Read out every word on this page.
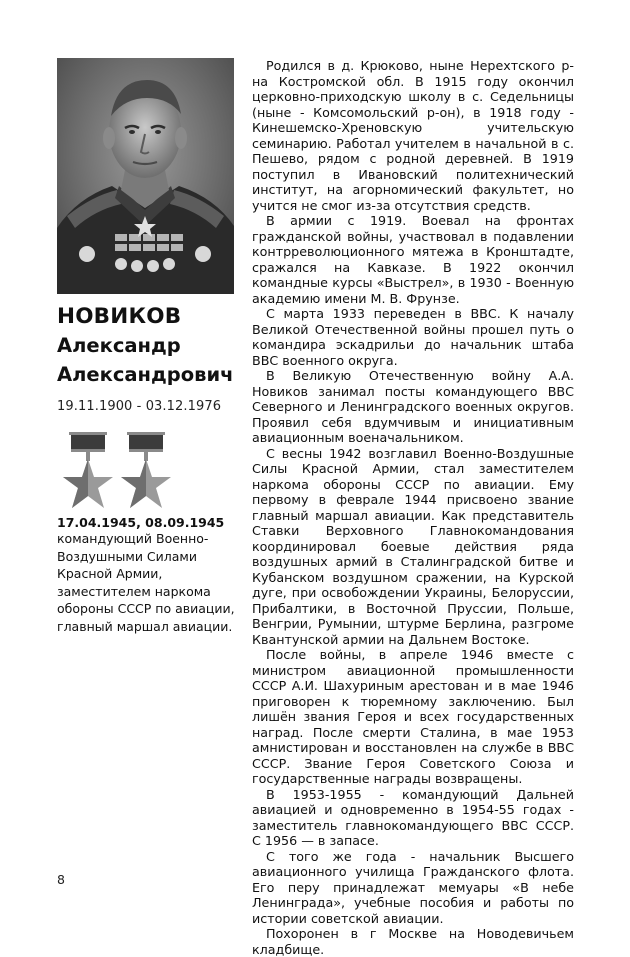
НОВИКОВ
Александр
Александрович
19.11.1900 - 03.12.1976
17.04.1945, 08.09.1945
командующий Военно-Воздушными Силами Красной Армии, заместителем наркома обороны СССР по авиации, главный маршал авиации.

Родился в д. Крюково, ныне Нерехтского р-на Костромской обл. В 1915 году окончил церковно-приходскую школу в с. Седельницы (ныне - Комсомольский р-он), в 1918 году - Кинешемско-Хреновскую учительскую семинарию. Работал учителем в начальной в с. Пешево, рядом с родной деревней. В 1919 поступил в Ивановский политехнический институт, на агорномический факультет, но учится не смог из-за отсутствия средств.

В армии с 1919. Воевал на фронтах гражданской войны, участвовал в подавлении контрреволюционного мятежа в Кронштадте, сражался на Кавказе. В 1922 окончил командные курсы «Выстрел», в 1930 - Военную академию имени М. В. Фрунзе.

С марта 1933 переведен в ВВС. К началу Великой Отечественной войны прошел путь о командира эскадрильи до начальник штаба ВВС военного округа.

В Великую Отечественную войну А.А. Новиков занимал посты командующего ВВС Северного и Ленинградского военных округов. Проявил себя вдумчивым и инициативным авиационным военачальником.

С весны 1942 возглавил Военно-Воздушные Силы Красной Армии, стал заместителем наркома обороны СССР по авиации. Ему первому в феврале 1944 присвоено звание главный маршал авиации. Как представитель Ставки Верховного Главнокомандования координировал боевые действия ряда воздушных армий в Сталинградской битве и Кубанском воздушном сражении, на Курской дуге, при освобождении Украины, Белоруссии, Прибалтики, в Восточной Пруссии, Польше, Венгрии, Румынии, штурме Берлина, разгроме Квантунской армии на Дальнем Востоке.

После войны, в апреле 1946 вместе с министром авиационной промышленности СССР А.И. Шахуриным арестован и в мае 1946 приговорен к тюремному заключению. Был лишён звания Героя и всех государственных наград. После смерти Сталина, в мае 1953 амнистирован и восстановлен на службе в ВВС СССР. Звание Героя Советского Союза и государственные награды возвращены.

В 1953-1955 - командующий Дальней авиацией и одновременно в 1954-55 годах - заместитель главнокомандующего ВВС СССР. С 1956 — в запасе.

С того же года - начальник Высшего авиационного училища Гражданского флота. Его перу принадлежат мемуары «В небе Ленинграда», учебные пособия и работы по истории советской авиации.

Похоронен в г Москве на Новодевичьем кладбище.

8
